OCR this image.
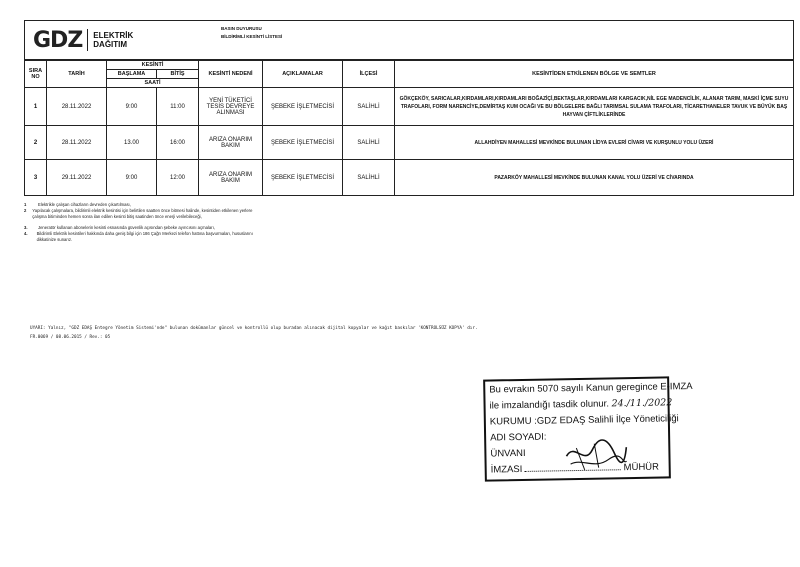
GDZ ELEKTRİK
DAĞITIM
BASIN DUYURUSU
BİLDİRİMLİ KESİNTİ LİSTESİ
SIRA NO	TARİH	KESİNTİ		KESİNTİ NEDENİ	AÇIKLAMALAR	İLÇESİ	KESİNTİDEN ETKİLENEN BÖLGE VE SEMTLER
		BAŞLAMA	BİTİŞ				
		SAATİ					
1	28.11.2022	9:00	11:00	YENİ TÜKETİCİ TESİS DEVREYE ALINMASI	ŞEBEKE İŞLETMECİSİ	SALİHLİ	GÖKÇEKÖY, SARICALAR,KIRDAMLARI,KIRDAMLARI BOĞAZİÇİ,BEKTAŞLAR,KIRDAMLARI KARGACIK,NİL EGE MADENCİLİK, ALANAR TARIM, MASKİ İÇME SUYU TRAFOLARI, FORM NARENCİYE,DEMİRTAŞ KUM OCAĞI VE BU BÖLGELERE BAĞLI TARIMSAL SULAMA TRAFOLARI, TİCARETHANELER TAVUK VE BÜYÜK BAŞ HAYVAN ÇİFTLİKLERİNDE
2	28.11.2022	13.00	16:00	ARIZA ONARIM BAKIM	ŞEBEKE İŞLETMECİSİ	SALİHLİ	ALLAHDİYEN MAHALLESİ MEVKİNDE BULUNAN LİDYA EVLERİ CİVARI VE KURŞUNLU YOLU ÜZERİ
3	29.11.2022	9:00	12:00	ARIZA ONARIM BAKIM	ŞEBEKE İŞLETMECİSİ	SALİHLİ	PAZARKÖY MAHALLESİ MEVKİNDE BULUNAN KANAL YOLU ÜZERİ VE CİVARINDA
1	Elektrikle çalışan cihazların devreden çıkartılması,
2	Yapılacak çalışmalara, bildirimli elektrik kesintisi için belirtilen saatten önce bitmesi halinde, kesintiden etkilenen yerlere çalışma bitiminden hemen sonra ilan edilen kesinti bitiş saatinden önce enerji verilebileceği,
3.	Jeneratör kullanan abonelerin kesinti esnasında güvenlik açısından şebeke ayırıcısını açmaları,
4.	Bildirimli Elektrik kesintileri hakkında daha geniş bilgi için 186 Çağrı Merkezi telefon hattına başvurmaları, hususlarını dikkatinize sunarız.
UYARI: Yalnız, "GDZ EDAŞ Entegre Yönetim Sistemi'nde" bulunan dokümanlar güncel ve kontrollü olup buradan alınacak dijital kopyalar ve kağıt baskılar 'KONTROLSÜZ KOPYA' dır.
FR.0069 / 08.06.2015 / Rev.: 05
Bu evrakın 5070 sayılı Kanun geregince E-IMZA
ile imzalandığı tasdik olunur. 24./11./2022
KURUMU :GDZ EDAŞ Salihli İlçe Yöneticiliği
ADI SOYADI:
ÜNVANI
İMZASI	MÜHÜR
